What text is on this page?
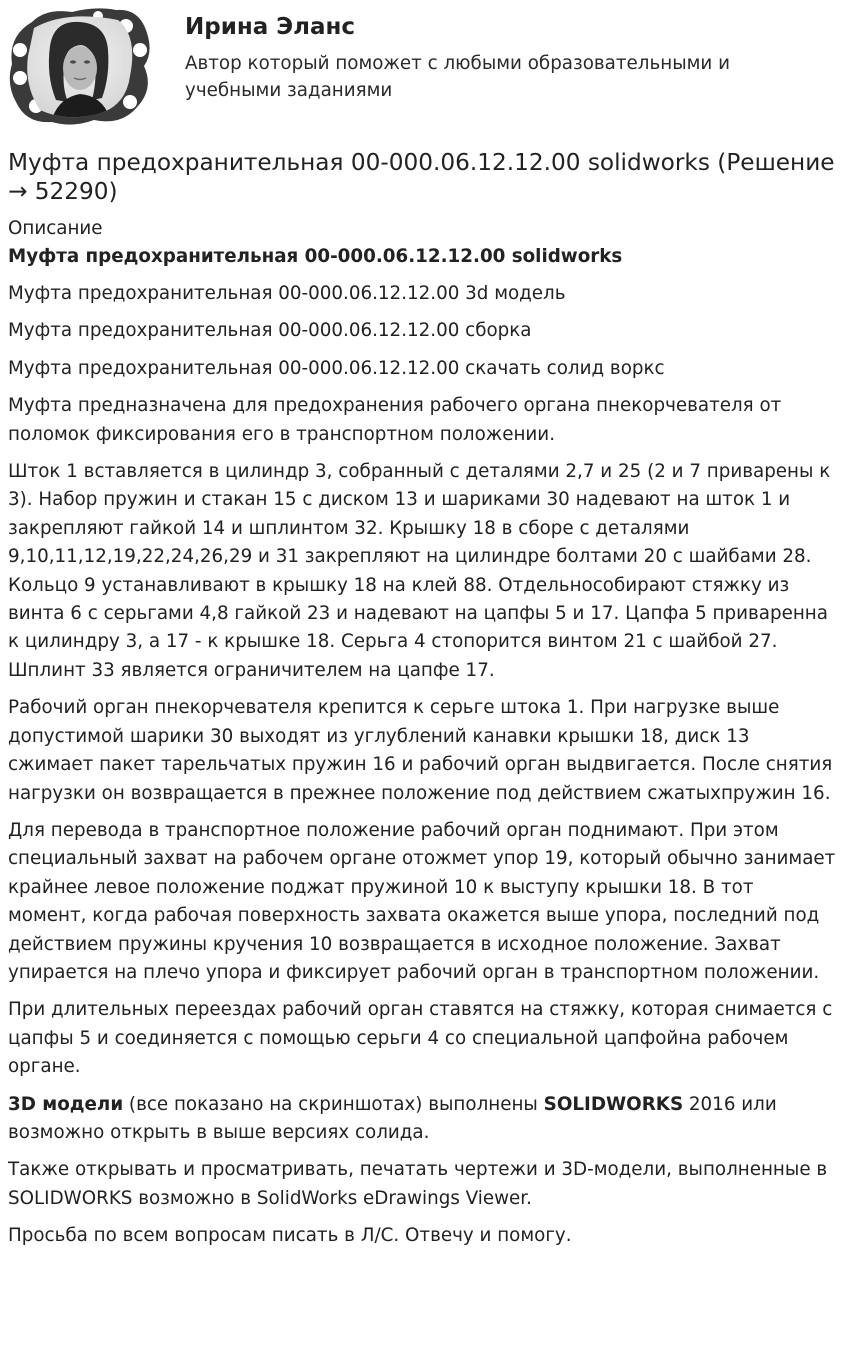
Ирина Эланс
Автор который поможет с любыми образовательными и учебными заданиями
Муфта предохранительная 00-000.06.12.12.00 solidworks (Решение → 52290)

Описание

Муфта предохранительная 00-000.06.12.12.00 solidworks

Муфта предохранительная 00-000.06.12.12.00 3d модель

Муфта предохранительная 00-000.06.12.12.00 сборка

Муфта предохранительная 00-000.06.12.12.00 скачать солид воркс

Муфта предназначена для предохранения рабочего органа пнекорчевателя от поломок фиксирования его в транспортном положении.

Шток 1 вставляется в цилиндр 3, собранный с деталями 2,7 и 25 (2 и 7 приварены к 3). Набор пружин и стакан 15 с диском 13 и шариками 30 надевают на шток 1 и закрепляют гайкой 14 и шплинтом 32. Крышку 18 в сборе с деталями 9,10,11,12,19,22,24,26,29 и 31 закрепляют на цилиндре болтами 20 с шайбами 28. Кольцо 9 устанавливают в крышку 18 на клей 88. Отдельнособирают стяжку из винта 6 с серьгами 4,8 гайкой 23 и надевают на цапфы 5 и 17. Цапфа 5 приваренна к цилиндру 3, а 17 - к крышке 18. Серьга 4 стопорится винтом 21 с шайбой 27. Шплинт 33 является ограничителем на цапфе 17.

Рабочий орган пнекорчевателя крепится к серьге штока 1. При нагрузке выше допустимой шарики 30 выходят из углублений канавки крышки 18, диск 13 сжимает пакет тарельчатых пружин 16 и рабочий орган выдвигается. После снятия нагрузки он возвращается в прежнее положение под действием сжатыхпружин 16.

Для перевода в транспортное положение рабочий орган поднимают. При этом специальный захват на рабочем органе отожмет упор 19, который обычно занимает крайнее левое положение поджат пружиной 10 к выступу крышки 18. В тот момент, когда рабочая поверхность захвата окажется выше упора, последний под действием пружины кручения 10 возвращается в исходное положение. Захват упирается на плечо упора и фиксирует рабочий орган в транспортном положении.

При длительных переездах рабочий орган ставятся на стяжку, которая снимается с цапфы 5 и соединяется с помощью серьги 4 со специальной цапфойна рабочем органе.

3D модели (все показано на скриншотах) выполнены SOLIDWORKS 2016 или возможно открыть в выше версиях солида.

Также открывать и просматривать, печатать чертежи и 3D-модели, выполненные в SOLIDWORKS возможно в SolidWorks eDrawings Viewer.

Просьба по всем вопросам писать в Л/С. Отвечу и помогу.
